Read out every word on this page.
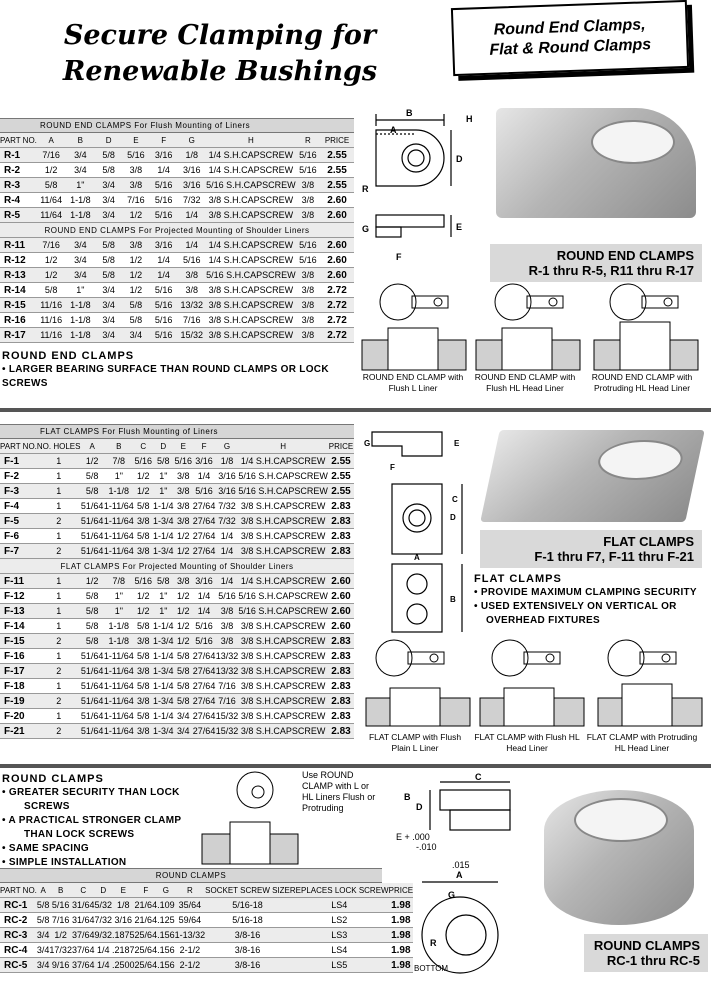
Secure Clamping for
Renewable Bushings
Round End Clamps,
Flat & Round Clamps
ROUND END CLAMPS For Flush Mounting of Liners
PART NO.	A	B	D	E	F	G	H	R	PRICE
R-1	7/16	3/4	5/8	5/16	3/16	1/8	1/4 S.H.CAPSCREW	5/16	2.55
R-2	1/2	3/4	5/8	3/8	1/4	3/16	1/4 S.H.CAPSCREW	5/16	2.55
R-3	5/8	1"	3/4	3/8	5/16	3/16	5/16 S.H.CAPSCREW	3/8	2.55
R-4	11/64	1-1/8	3/4	7/16	5/16	7/32	3/8 S.H.CAPSCREW	3/8	2.60
R-5	11/64	1-1/8	3/4	1/2	5/16	1/4	3/8 S.H.CAPSCREW	3/8	2.60
ROUND END CLAMPS For Projected Mounting of Shoulder Liners									
R-11	7/16	3/4	5/8	3/8	3/16	1/4	1/4 S.H.CAPSCREW	5/16	2.60
R-12	1/2	3/4	5/8	1/2	1/4	5/16	1/4 S.H.CAPSCREW	5/16	2.60
R-13	1/2	3/4	5/8	1/2	1/4	3/8	5/16 S.H.CAPSCREW	3/8	2.60
R-14	5/8	1"	3/4	1/2	5/16	3/8	3/8 S.H.CAPSCREW	3/8	2.72
R-15	11/16	1-1/8	3/4	5/8	5/16	13/32	3/8 S.H.CAPSCREW	3/8	2.72
R-16	11/16	1-1/8	3/4	5/8	5/16	7/16	3/8 S.H.CAPSCREW	3/8	2.72
R-17	11/16	1-1/8	3/4	3/4	5/16	15/32	3/8 S.H.CAPSCREW	3/8	2.72
ROUND END CLAMPS
• LARGER BEARING SURFACE THAN ROUND CLAMPS OR LOCK SCREWS
B
A
H
D
R
E
G
F	ROUND END CLAMPS
R-1 thru R-5, R11 thru R-17
ROUND END CLAMP with Flush L Liner
ROUND END CLAMP with Flush HL Head Liner
ROUND END CLAMP with Protruding HL Head Liner
FLAT CLAMPS For Flush Mounting of Liners
PART NO.	NO. HOLES	A	B	C	D	E	F	G	H	PRICE
F-1	1	1/2	7/8	5/16	5/8	5/16	3/16	1/8	1/4 S.H.CAPSCREW	2.55
F-2	1	5/8	1"	1/2	1"	3/8	1/4	3/16	5/16 S.H.CAPSCREW	2.55
F-3	1	5/8	1-1/8	1/2	1"	3/8	5/16	3/16	5/16 S.H.CAPSCREW	2.55
F-4	1	51/64	1-11/64	5/8	1-1/4	3/8	27/64	7/32	3/8 S.H.CAPSCREW	2.83
F-5	2	51/64	1-11/64	3/8	1-3/4	3/8	27/64	7/32	3/8 S.H.CAPSCREW	2.83
F-6	1	51/64	1-11/64	5/8	1-1/4	1/2	27/64	1/4	3/8 S.H.CAPSCREW	2.83
F-7	2	51/64	1-11/64	3/8	1-3/4	1/2	27/64	1/4	3/8 S.H.CAPSCREW	2.83
FLAT CLAMPS For Projected Mounting of Shoulder Liners										
F-11	1	1/2	7/8	5/16	5/8	3/8	3/16	1/4	1/4 S.H.CAPSCREW	2.60
F-12	1	5/8	1"	1/2	1"	1/2	1/4	5/16	5/16 S.H.CAPSCREW	2.60
F-13	1	5/8	1"	1/2	1"	1/2	1/4	3/8	5/16 S.H.CAPSCREW	2.60
F-14	1	5/8	1-1/8	5/8	1-1/4	1/2	5/16	3/8	3/8 S.H.CAPSCREW	2.60
F-15	2	5/8	1-1/8	3/8	1-3/4	1/2	5/16	3/8	3/8 S.H.CAPSCREW	2.83
F-16	1	51/64	1-11/64	5/8	1-1/4	5/8	27/64	13/32	3/8 S.H.CAPSCREW	2.83
F-17	2	51/64	1-11/64	3/8	1-3/4	5/8	27/64	13/32	3/8 S.H.CAPSCREW	2.83
F-18	1	51/64	1-11/64	5/8	1-1/4	5/8	27/64	7/16	3/8 S.H.CAPSCREW	2.83
F-19	2	51/64	1-11/64	3/8	1-3/4	5/8	27/64	7/16	3/8 S.H.CAPSCREW	2.83
F-20	1	51/64	1-11/64	5/8	1-1/4	3/4	27/64	15/32	3/8 S.H.CAPSCREW	2.83
F-21	2	51/64	1-11/64	3/8	1-3/4	3/4	27/64	15/32	3/8 S.H.CAPSCREW	2.83
E
G
F
D
C
A
B
FLAT CLAMPS
F-1 thru F7, F-11 thru F-21
FLAT CLAMPS
• PROVIDE MAXIMUM CLAMPING SECURITY
• USED EXTENSIVELY ON VERTICAL OR
OVERHEAD FIXTURES
FLAT CLAMP with Flush Plain L Liner
FLAT CLAMP with Flush HL Head Liner
FLAT CLAMP with Protruding HL Head Liner
ROUND CLAMPS
• GREATER SECURITY THAN LOCK
SCREWS
• A PRACTICAL STRONGER CLAMP
THAN LOCK SCREWS
• SAME SPACING
• SIMPLE INSTALLATION
Use ROUND CLAMP with L or HL Liners Flush or Protruding
ROUND CLAMPS
PART NO.	A	B	C	D	E	F	G	R	SOCKET SCREW SIZE	REPLACES LOCK SCREW	PRICE
RC-1	5/8	5/16	31/64	5/32	1/8	21/64	.109	35/64	5/16-18	LS4	1.98
RC-2	5/8	7/16	31/64	7/32	3/16	21/64	.125	59/64	5/16-18	LS2	1.98
RC-3	3/4	1/2	37/64	9/32	.1875	25/64	.156	1-13/32	3/8-16	LS3	1.98
RC-4	3/4	17/32	37/64	1/4	.2187	25/64	.156	2-1/2	3/8-16	LS4	1.98
RC-5	3/4	9/16	37/64	1/4	.2500	25/64	.156	2-1/2	3/8-16	LS5	1.98
C
D
B
A
G
R
E + .000
-.010
.015
BOTTOM
ROUND CLAMPS
RC-1 thru RC-5
